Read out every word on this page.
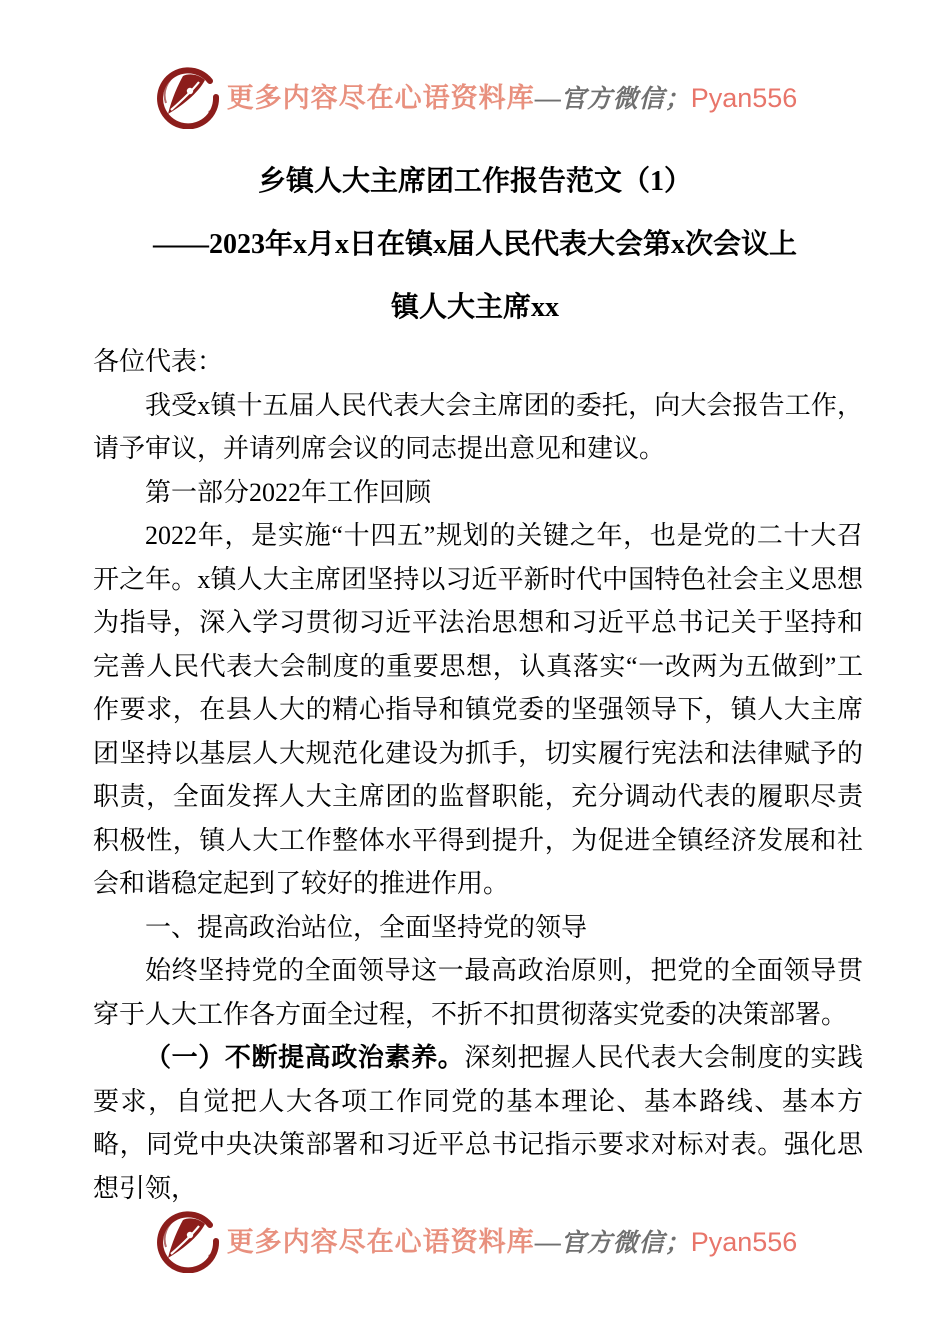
更多内容尽在心语资料库 — 官方微信； Pyan556
乡镇人大主席团工作报告范文（1）
——2023年x月x日在镇x届人民代表大会第x次会议上
镇人大主席xx

各位代表：

我受x镇十五届人民代表大会主席团的委托，向大会报告工作，请予审议，并请列席会议的同志提出意见和建议。

第一部分2022年工作回顾

2022年，是实施“十四五”规划的关键之年，也是党的二十大召开之年。x镇人大主席团坚持以习近平新时代中国特色社会主义思想为指导，深入学习贯彻习近平法治思想和习近平总书记关于坚持和完善人民代表大会制度的重要思想，认真落实“一改两为五做到”工作要求，在县人大的精心指导和镇党委的坚强领导下，镇人大主席团坚持以基层人大规范化建设为抓手，切实履行宪法和法律赋予的职责，全面发挥人大主席团的监督职能，充分调动代表的履职尽责积极性，镇人大工作整体水平得到提升，为促进全镇经济发展和社会和谐稳定起到了较好的推进作用。

一、提高政治站位，全面坚持党的领导

始终坚持党的全面领导这一最高政治原则，把党的全面领导贯穿于人大工作各方面全过程，不折不扣贯彻落实党委的决策部署。

（一）不断提高政治素养。深刻把握人民代表大会制度的实践要求，自觉把人大各项工作同党的基本理论、基本路线、基本方略，同党中央决策部署和习近平总书记指示要求对标对表。强化思想引领，

更多内容尽在心语资料库 — 官方微信； Pyan556
